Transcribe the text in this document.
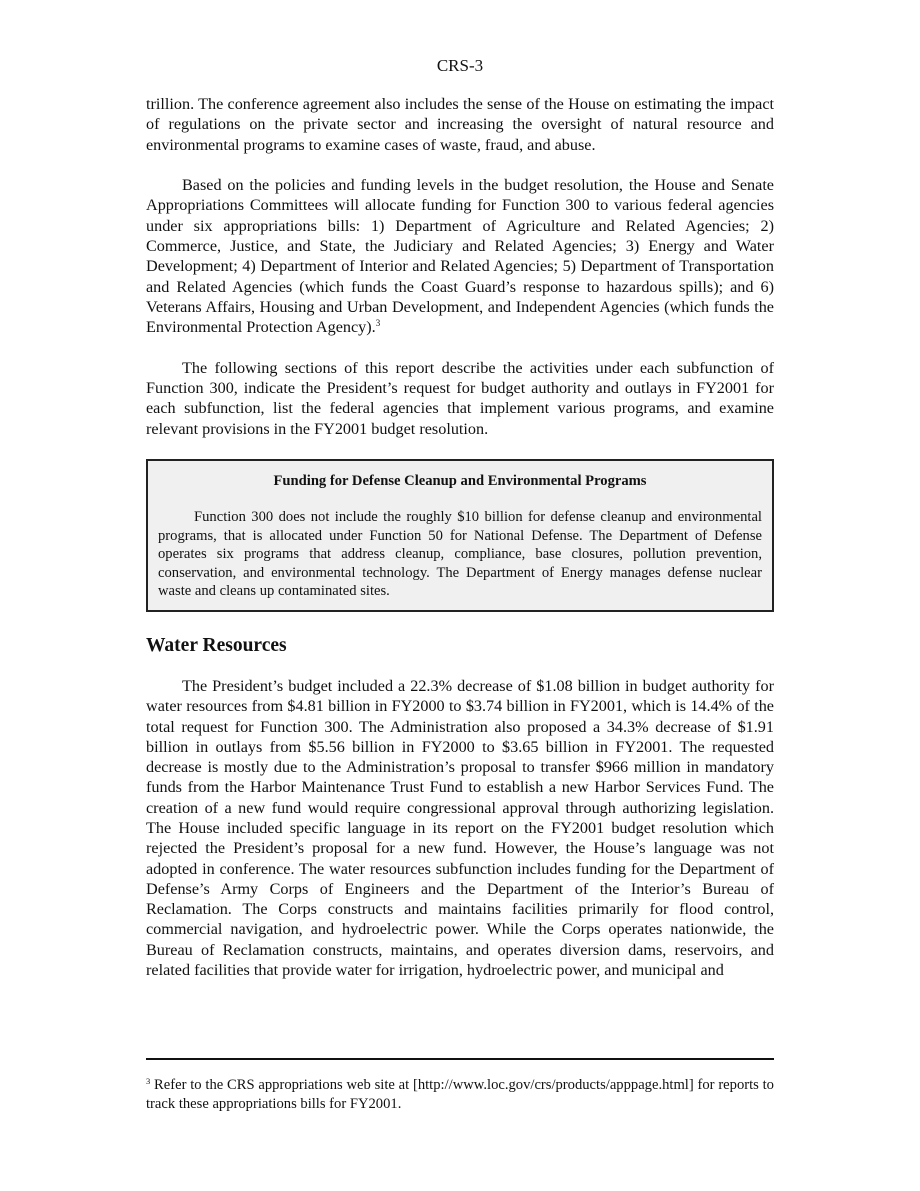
CRS-3

trillion. The conference agreement also includes the sense of the House on estimating the impact of regulations on the private sector and increasing the oversight of natural resource and environmental programs to examine cases of waste, fraud, and abuse.

Based on the policies and funding levels in the budget resolution, the House and Senate Appropriations Committees will allocate funding for Function 300 to various federal agencies under six appropriations bills: 1) Department of Agriculture and Related Agencies; 2) Commerce, Justice, and State, the Judiciary and Related Agencies; 3) Energy and Water Development; 4) Department of Interior and Related Agencies; 5) Department of Transportation and Related Agencies (which funds the Coast Guard’s response to hazardous spills); and 6) Veterans Affairs, Housing and Urban Development, and Independent Agencies (which funds the Environmental Protection Agency).$^3$

The following sections of this report describe the activities under each subfunction of Function 300, indicate the President’s request for budget authority and outlays in FY2001 for each subfunction, list the federal agencies that implement various programs, and examine relevant provisions in the FY2001 budget resolution.

Funding for Defense Cleanup and Environmental Programs

Function 300 does not include the roughly $10 billion for defense cleanup and environmental programs, that is allocated under Function 50 for National Defense. The Department of Defense operates six programs that address cleanup, compliance, base closures, pollution prevention, conservation, and environmental technology. The Department of Energy manages defense nuclear waste and cleans up contaminated sites.

Water Resources

The President’s budget included a 22.3% decrease of $1.08 billion in budget authority for water resources from $4.81 billion in FY2000 to $3.74 billion in FY2001, which is 14.4% of the total request for Function 300. The Administration also proposed a 34.3% decrease of $1.91 billion in outlays from $5.56 billion in FY2000 to $3.65 billion in FY2001. The requested decrease is mostly due to the Administration’s proposal to transfer $966 million in mandatory funds from the Harbor Maintenance Trust Fund to establish a new Harbor Services Fund. The creation of a new fund would require congressional approval through authorizing legislation. The House included specific language in its report on the FY2001 budget resolution which rejected the President’s proposal for a new fund. However, the House’s language was not adopted in conference. The water resources subfunction includes funding for the Department of Defense’s Army Corps of Engineers and the Department of the Interior’s Bureau of Reclamation. The Corps constructs and maintains facilities primarily for flood control, commercial navigation, and hydroelectric power. While the Corps operates nationwide, the Bureau of Reclamation constructs, maintains, and operates diversion dams, reservoirs, and related facilities that provide water for irrigation, hydroelectric power, and municipal and

$^3$ Refer to the CRS appropriations web site at [http://www.loc.gov/crs/products/apppage.html] for reports to track these appropriations bills for FY2001.
